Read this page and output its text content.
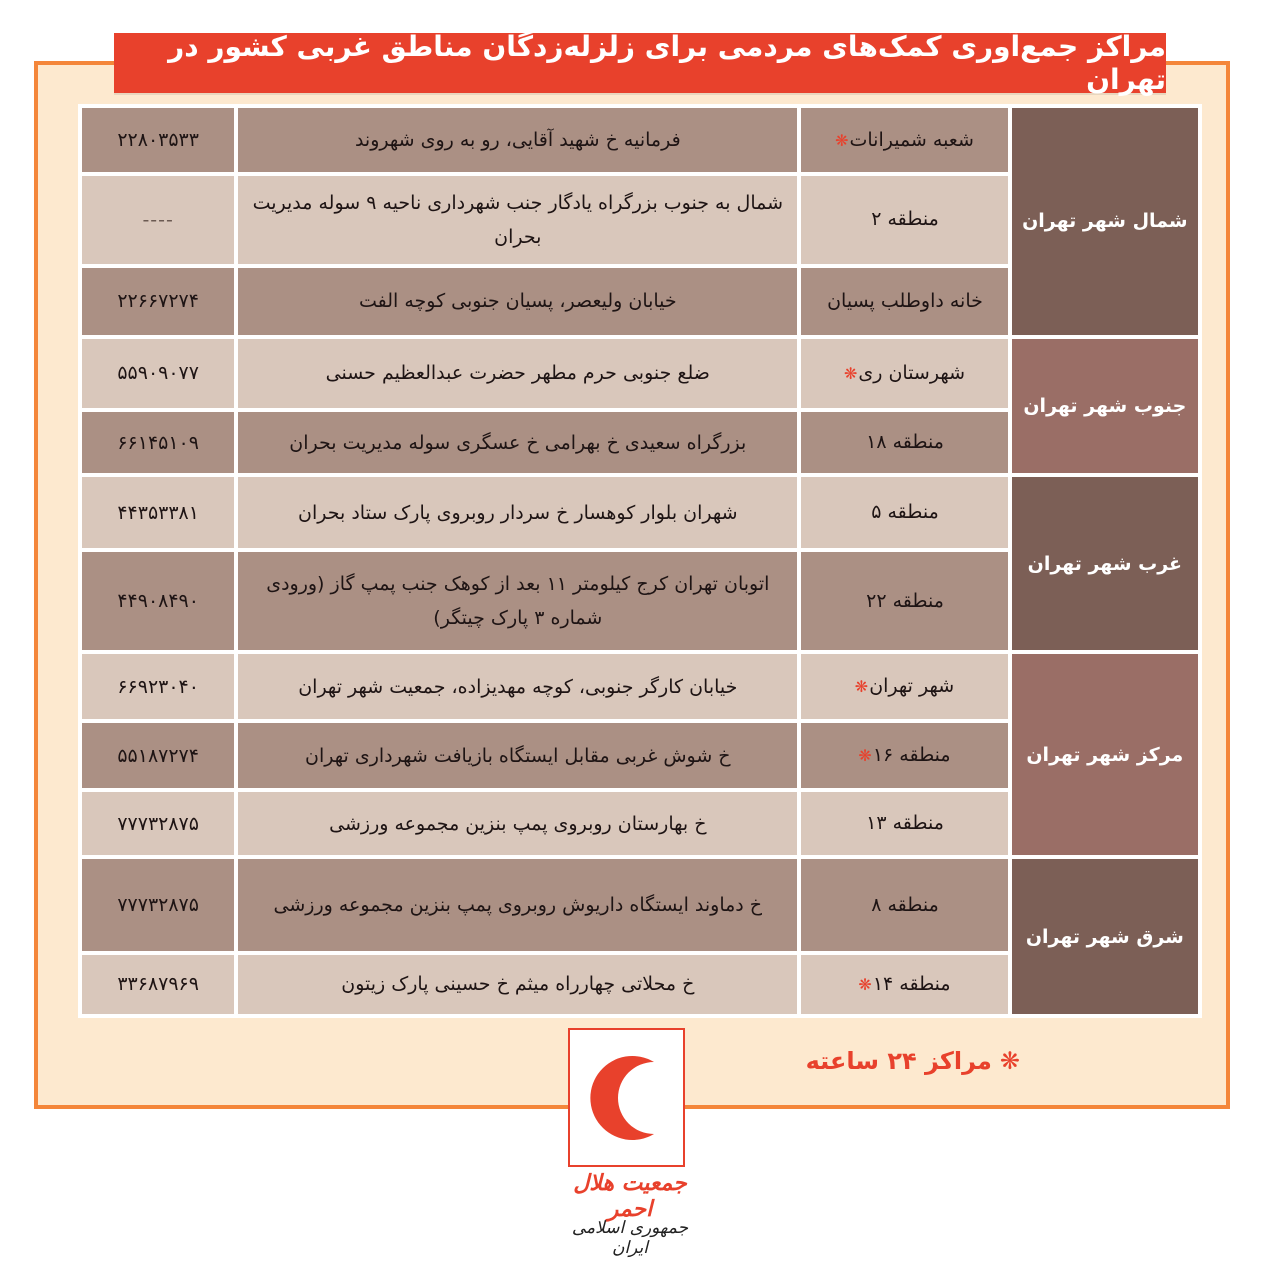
مراکز جمع‌آوری کمک‌های مردمی برای زلزله‌زدگان مناطق غربی کشور در تهران
شمال شهر تهران	شعبه شمیرانات❋	فرمانیه خ شهید آقایی، رو به روی شهروند	۲۲۸۰۳۵۳۳
	منطقه ۲	شمال به جنوب بزرگراه یادگار جنب شهرداری ناحیه ۹ سوله مدیریت بحران	----
	خانه داوطلب پسیان	خیابان ولیعصر، پسیان جنوبی کوچه الفت	۲۲۶۶۷۲۷۴
جنوب شهر تهران	شهرستان ری❋	ضلع جنوبی حرم مطهر حضرت عبدالعظیم حسنی	۵۵۹۰۹۰۷۷
	منطقه ۱۸	بزرگراه سعیدی خ بهرامی خ عسگری سوله مدیریت بحران	۶۶۱۴۵۱۰۹
غرب شهر تهران	منطقه ۵	شهران بلوار کوهسار خ سردار روبروی پارک ستاد بحران	۴۴۳۵۳۳۸۱
	منطقه ۲۲	اتوبان تهران کرج کیلومتر ۱۱ بعد از کوهک جنب پمپ گاز (ورودی شماره ۳ پارک چیتگر)	۴۴۹۰۸۴۹۰
مرکز شهر تهران	شهر تهران❋	خیابان کارگر جنوبی، کوچه مهدیزاده، جمعیت شهر تهران	۶۶۹۲۳۰۴۰
	منطقه ۱۶❋	خ شوش غربی مقابل ایستگاه بازیافت شهرداری تهران	۵۵۱۸۷۲۷۴
	منطقه ۱۳	خ بهارستان روبروی پمپ بنزین مجموعه ورزشی	۷۷۷۳۲۸۷۵
شرق شهر تهران	منطقه ۸	خ دماوند ایستگاه داریوش روبروی پمپ بنزین مجموعه ورزشی	۷۷۷۳۲۸۷۵
	منطقه ۱۴❋	خ محلاتی چهارراه میثم خ حسینی پارک زیتون	۳۳۶۸۷۹۶۹
❋
مراکز ۲۴ ساعته
جمعیت هلال احمر
جمهوری اسلامی ایران
